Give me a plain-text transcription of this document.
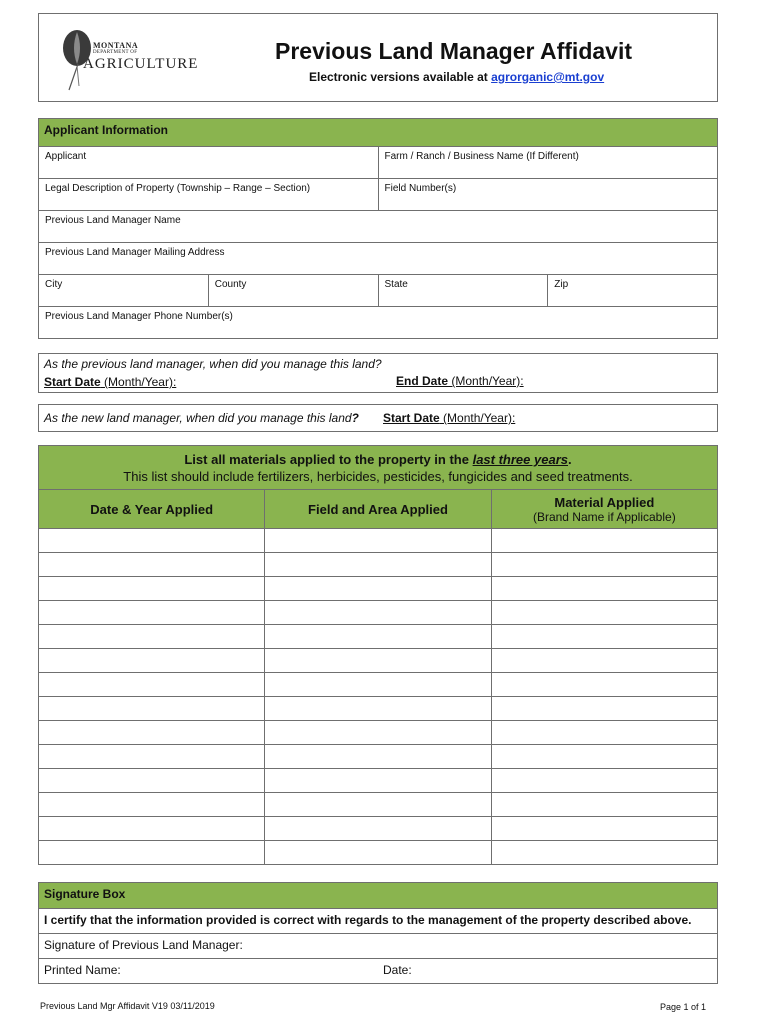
MONTANA
DEPARTMENT OF
AGRICULTURE	Previous Land Manager Affidavit
Electronic versions available at agrorganic@mt.gov
Applicant Information			
Applicant		Farm / Ranch / Business Name (If Different)	
Legal Description of Property (Township – Range – Section)		Field Number(s)	
Previous Land Manager Name			
Previous Land Manager Mailing Address			
City	County	State	Zip
Previous Land Manager Phone Number(s)			
As the previous land manager, when did you manage this land?
Start Date (Month/Year):	End Date (Month/Year):
As the new land manager, when did you manage this land? Start Date (Month/Year):
List all materials applied to the property in the last three years.
This list should include fertilizers, herbicides, pesticides, fungicides and seed treatments.		

Date & Year Applied	Field and Area Applied	Material Applied
(Brand Name if Applicable)

Signature Box
I certify that the information provided is correct with regards to the management of the property described above.
Signature of Previous Land Manager:
Printed Name:	Date:
Previous Land Mgr Affidavit V19 03/11/2019	Page 1 of 1
